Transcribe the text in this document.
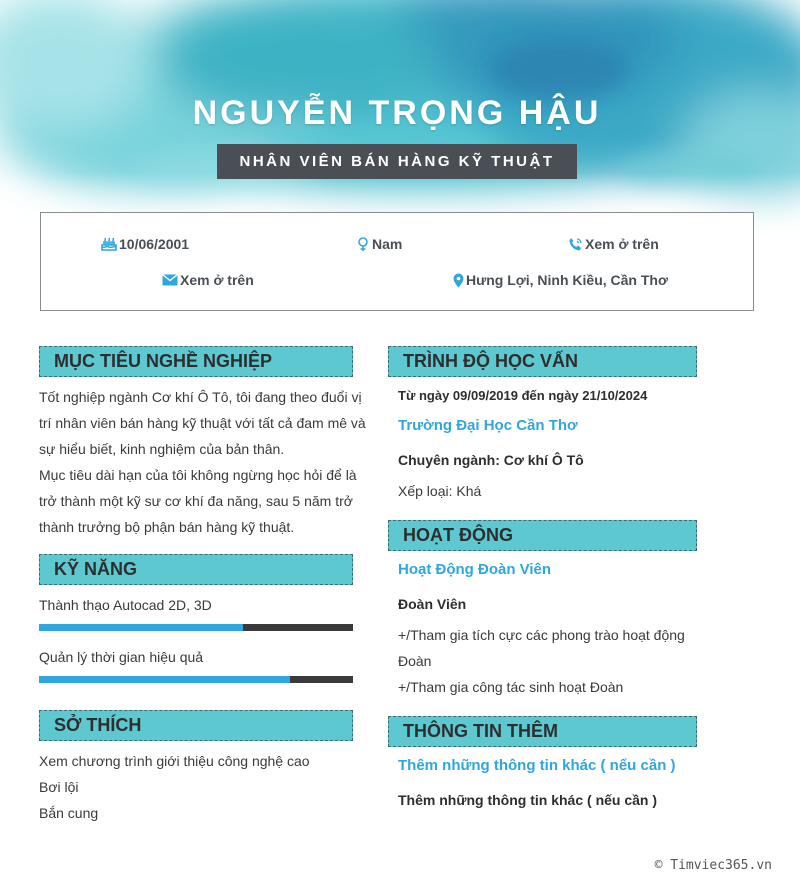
NGUYỄN TRỌNG HẬU
NHÂN VIÊN BÁN HÀNG KỸ THUẬT
10/06/2001	Nam	Xem ở trên
Xem ở trên	Hưng Lợi, Ninh Kiều, Cần Thơ
MỤC TIÊU NGHỀ NGHIỆP
Tốt nghiệp ngành Cơ khí Ô Tô, tôi đang theo đuổi vị
trí nhân viên bán hàng kỹ thuật với tất cả đam mê và
sự hiểu biết, kinh nghiệm của bản thân.
Mục tiêu dài hạn của tôi không ngừng học hỏi để là
trở thành một kỹ sư cơ khí đa năng, sau 5 năm trở
thành trưởng bộ phận bán hàng kỹ thuật.
KỸ NĂNG
Thành thạo Autocad 2D, 3D
Quản lý thời gian hiệu quả
SỞ THÍCH
Xem chương trình giới thiệu công nghệ cao
Bơi lội
Bắn cung
TRÌNH ĐỘ HỌC VẤN
Từ ngày 09/09/2019 đến ngày 21/10/2024
Trường Đại Học Cần Thơ
Chuyên ngành: Cơ khí Ô Tô
Xếp loại: Khá
HOẠT ĐỘNG
Hoạt Động Đoàn Viên
Đoàn Viên
+/Tham gia tích cực các phong trào hoạt động
Đoàn
+/Tham gia công tác sinh hoạt Đoàn
THÔNG TIN THÊM
Thêm những thông tin khác ( nếu cần )
Thêm những thông tin khác ( nếu cần )
© Timviec365.vn
